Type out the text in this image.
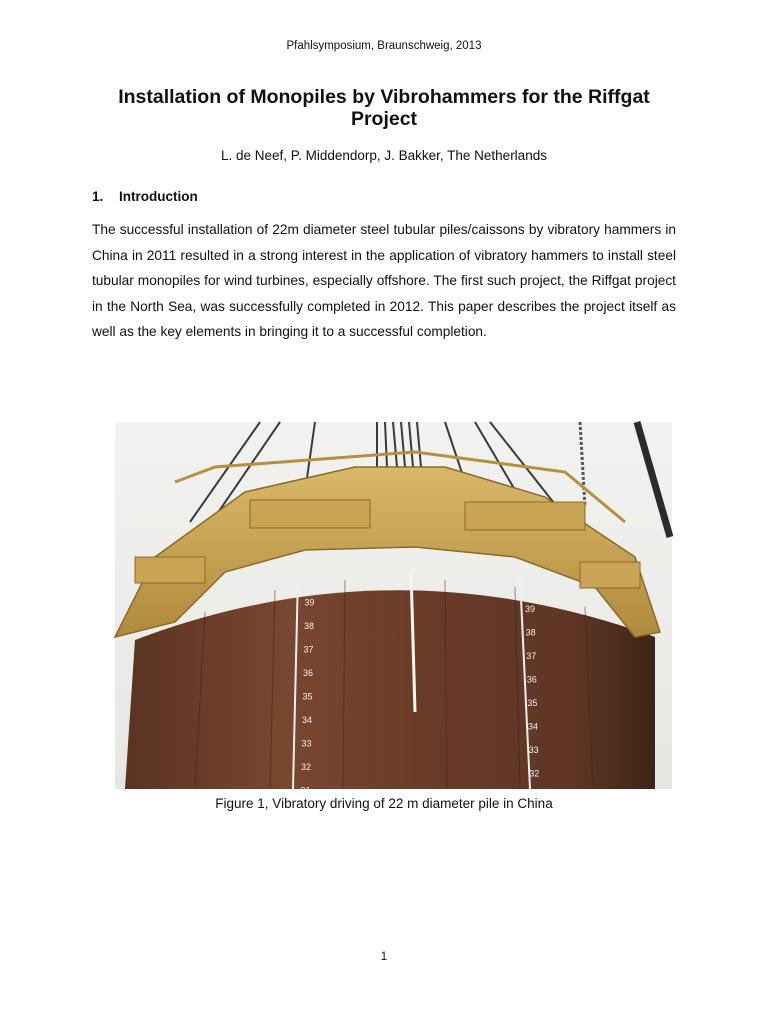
Pfahlsymposium, Braunschweig, 2013
Installation of Monopiles by Vibrohammers for the Riffgat Project
L. de Neef, P. Middendorp, J. Bakker, The Netherlands
1. Introduction
The successful installation of 22m diameter steel tubular piles/caissons by vibratory hammers in China in 2011 resulted in a strong interest in the application of vibratory hammers to install steel tubular monopiles for wind turbines, especially offshore. The first such project, the Riffgat project in the North Sea, was successfully completed in 2012. This paper describes the project itself as well as the key elements in bringing it to a successful completion.
X48	0°线
40
39
38
37
36
35
34
33
32
31
39
38
37
36
35
34
33
32
Figure 1, Vibratory driving of 22 m diameter pile in China
1
